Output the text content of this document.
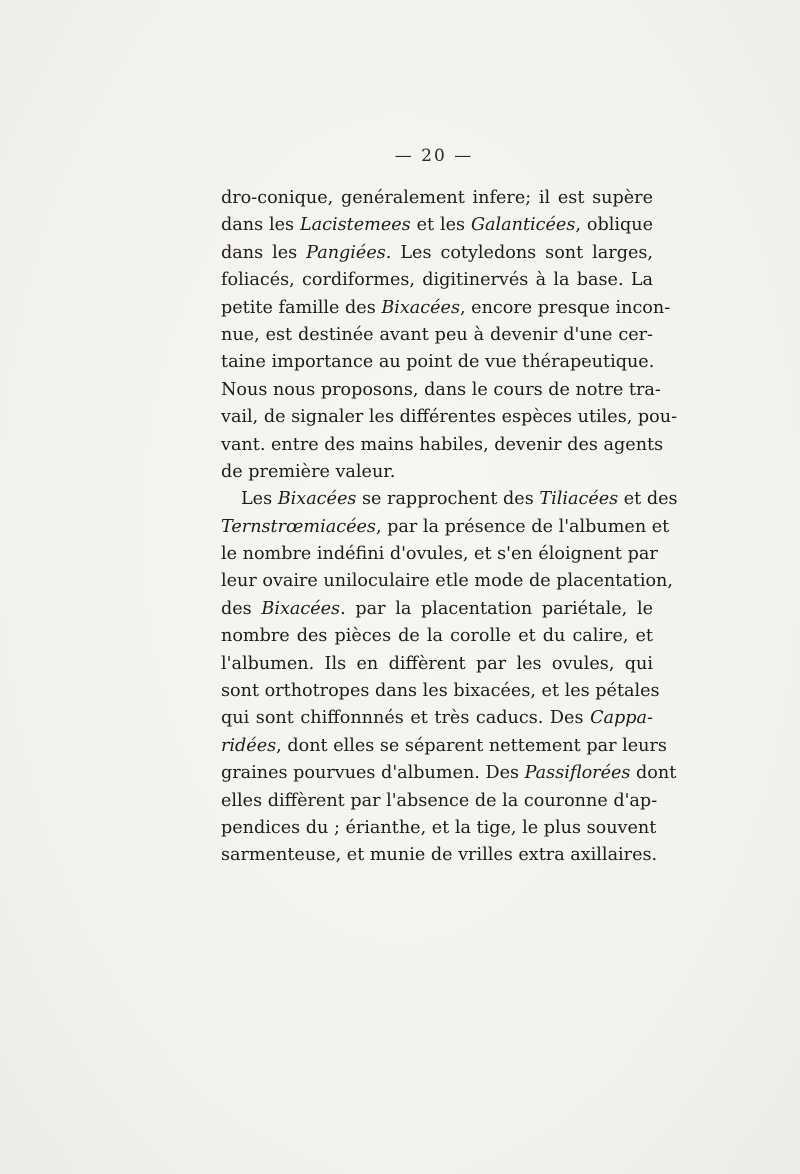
— 20 —
dro-conique, genéralement infere; il est supère
dans les Lacistemees et les Galanticées, oblique
dans les Pangiées. Les cotyledons sont larges,
foliacés, cordiformes, digitinervés à la base. La
petite famille des Bixacées, encore presque incon-
nue, est destinée avant peu à devenir d'une cer-
taine importance au point de vue thérapeutique.
Nous nous proposons, dans le cours de notre tra-
vail, de signaler les différentes espèces utiles, pou-
vant. entre des mains habiles, devenir des agents
de première valeur.
Les Bixacées se rapprochent des Tiliacées et des
Ternstrœmiacées, par la présence de l'albumen et
le nombre indéfini d'ovules, et s'en éloignent par
leur ovaire uniloculaire etle mode de placentation,
des Bixacées. par la placentation pariétale, le
nombre des pièces de la corolle et du calire, et
l'albumen. Ils en diffèrent par les ovules, qui
sont orthotropes dans les bixacées, et les pétales
qui sont chiffonnnés et très caducs. Des Cappa-
ridées, dont elles se séparent nettement par leurs
graines pourvues d'albumen. Des Passiflorées dont
elles diffèrent par l'absence de la couronne d'ap-
pendices du ; érianthe, et la tige, le plus souvent
sarmenteuse, et munie de vrilles extra axillaires.
